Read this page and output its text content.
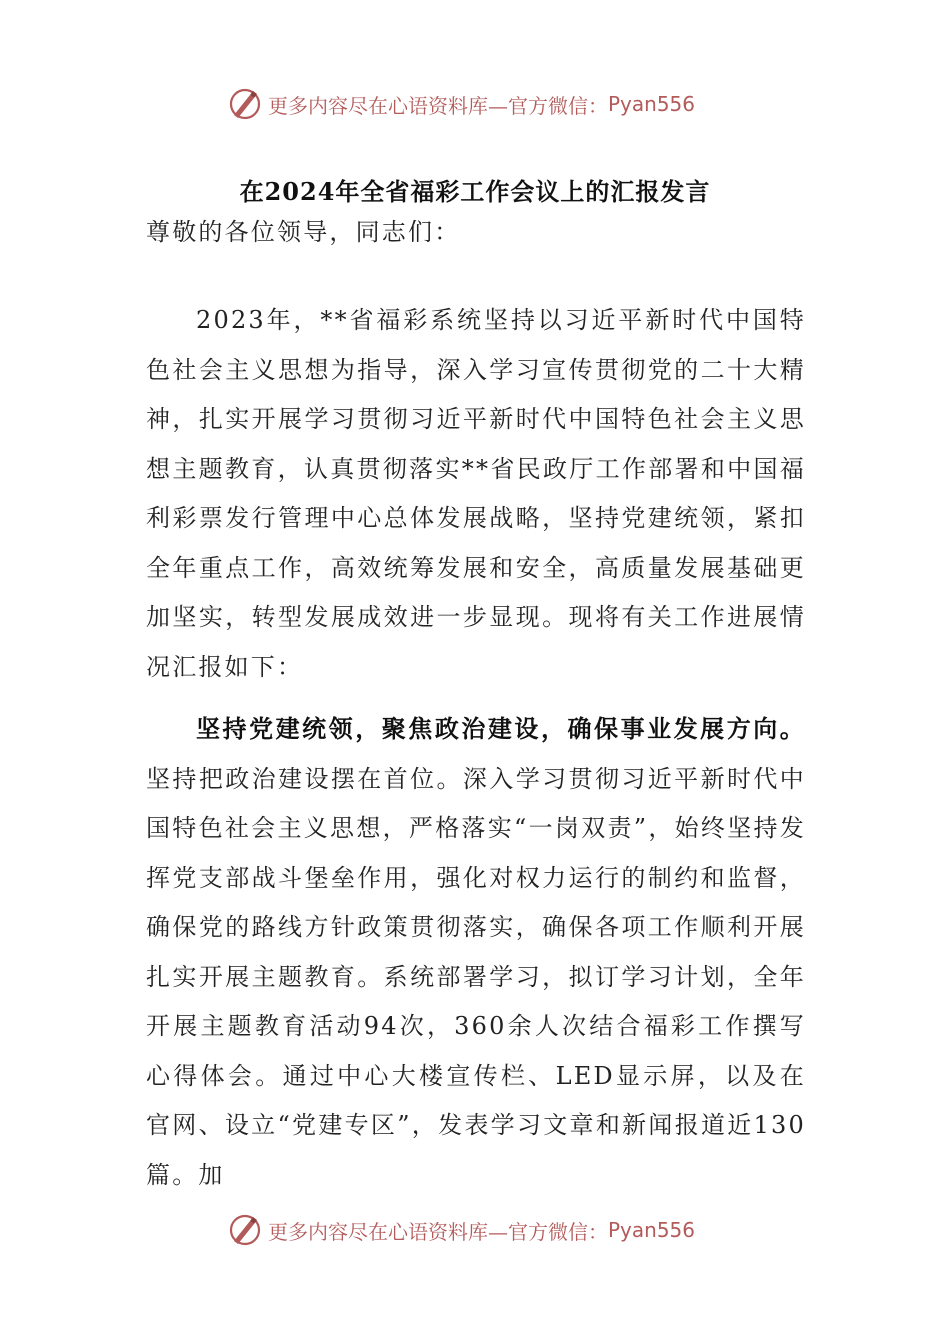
更多内容尽在心语资料库—官方微信： Pyan556
在2024年全省福彩工作会议上的汇报发言
尊敬的各位领导，同志们：
2023年，**省福彩系统坚持以习近平新时代中国特色社会主义思想为指导，深入学习宣传贯彻党的二十大精神，扎实开展学习贯彻习近平新时代中国特色社会主义思想主题教育，认真贯彻落实**省民政厅工作部署和中国福利彩票发行管理中心总体发展战略，坚持党建统领，紧扣全年重点工作，高效统筹发展和安全，高质量发展基础更加坚实，转型发展成效进一步显现。现将有关工作进展情况汇报如下：
坚持党建统领，聚焦政治建设，确保事业发展方向。坚持把政治建设摆在首位。深入学习贯彻习近平新时代中国特色社会主义思想，严格落实“一岗双责”，始终坚持发挥党支部战斗堡垒作用，强化对权力运行的制约和监督，确保党的路线方针政策贯彻落实，确保各项工作顺利开展扎实开展主题教育。系统部署学习，拟订学习计划，全年开展主题教育活动94次，360余人次结合福彩工作撰写心得体会。通过中心大楼宣传栏、LED显示屏，以及在官网、设立“党建专区”，发表学习文章和新闻报道近130篇。加
更多内容尽在心语资料库—官方微信： Pyan556
